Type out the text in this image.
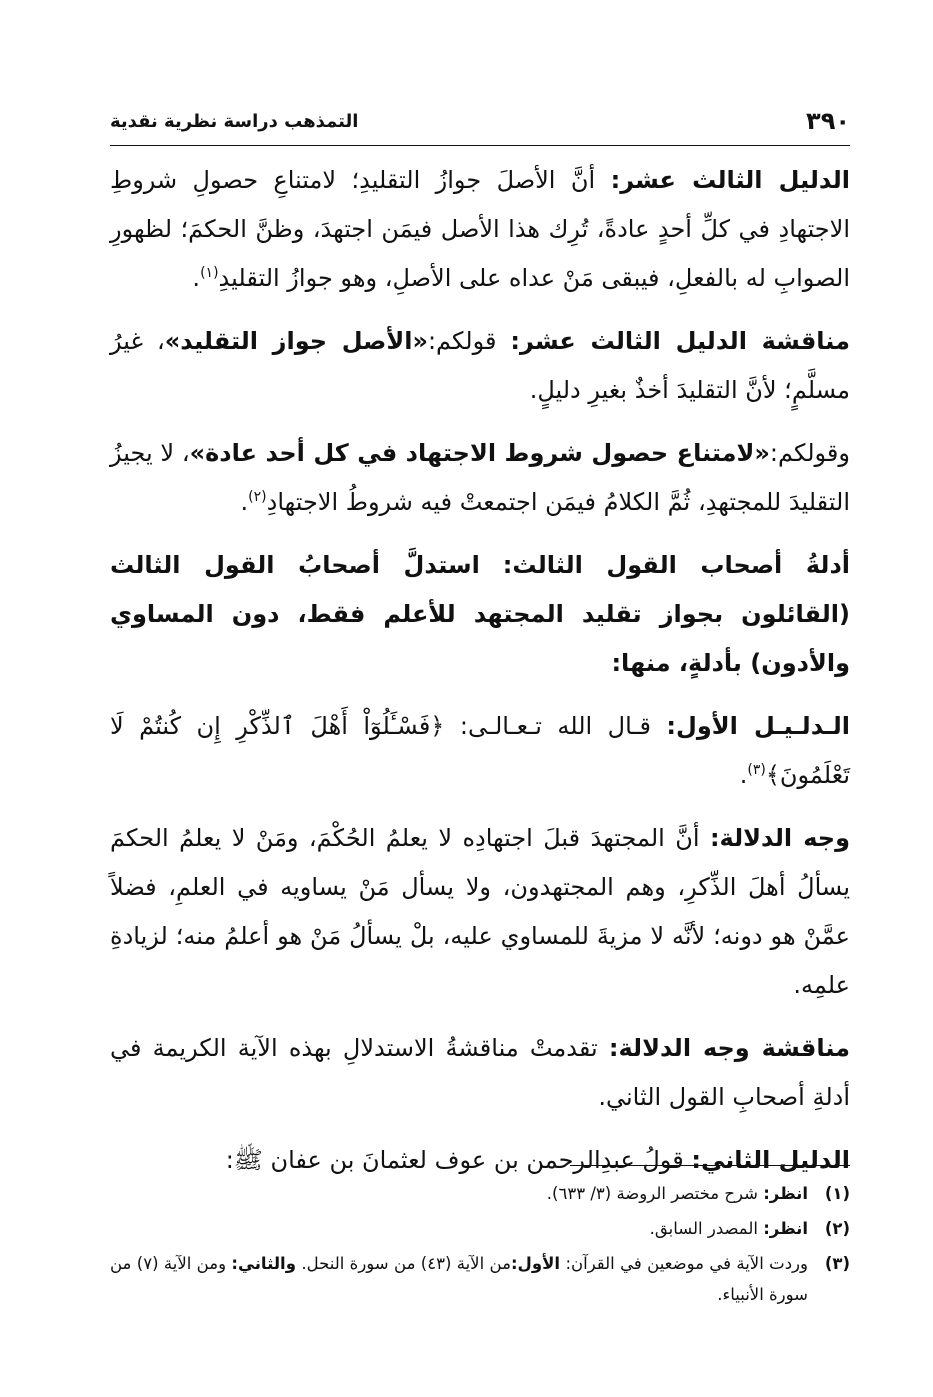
٣٩٠
التمذهب دراسة نظرية نقدية

الدليل الثالث عشر: أنَّ الأصلَ جوازُ التقليدِ؛ لامتناعِ حصولِ شروطِ الاجتهادِ في كلِّ أحدٍ عادةً، تُرِك هذا الأصل فيمَن اجتهدَ، وظنَّ الحكمَ؛ لظهورِ الصوابِ له بالفعلِ، فيبقى مَنْ عداه على الأصلِ، وهو جوازُ التقليدِ$^{(١)}$.

مناقشة الدليل الثالث عشر: قولكم:«الأصل جواز التقليد»، غيرُ مسلَّمٍ؛ لأنَّ التقليدَ أخذٌ بغيرِ دليلٍ.

وقولكم:«لامتناع حصول شروط الاجتهاد في كل أحد عادة»، لا يجيزُ التقليدَ للمجتهدِ، ثُمَّ الكلامُ فيمَن اجتمعتْ فيه شروطُ الاجتهادِ$^{(٢)}$.

أدلةُ أصحاب القول الثالث: استدلَّ أصحابُ القول الثالث (القائلون بجواز تقليد المجتهد للأعلم فقط، دون المساوي والأدون) بأدلةٍ، منها:

الـدلـيـل الأول: قـال الله تـعـالـى: ﴿فَسْـَٔلُوٓاْ أَهْلَ ٱلذِّكْرِ إِن كُنتُمْ لَا تَعْلَمُونَ﴾$^{(٣)}$.

وجه الدلالة: أنَّ المجتهدَ قبلَ اجتهادِه لا يعلمُ الحُكْمَ، ومَنْ لا يعلمُ الحكمَ يسألُ أهلَ الذِّكرِ، وهم المجتهدون، ولا يسأل مَنْ يساويه في العلمِ، فضلاً عمَّنْ هو دونه؛ لأنَّه لا مزيةَ للمساوي عليه، بلْ يسألُ مَنْ هو أعلمُ منه؛ لزيادةِ علمِه.

مناقشة وجه الدلالة: تقدمتْ مناقشةُ الاستدلالِ بهذه الآية الكريمة في أدلةِ أصحابِ القول الثاني.

الدليل الثاني: قولُ عبدِالرحمن بن عوف لعثمانَ بن عفان ﷺ:

(١)
انظر: شرح مختصر الروضة (٣/ ٦٣٣).
(٢)
انظر: المصدر السابق.
(٣)
وردت الآية في موضعين في القرآن: الأول:من الآية (٤٣) من سورة النحل. والثاني: ومن الآية (٧) من سورة الأنبياء.
